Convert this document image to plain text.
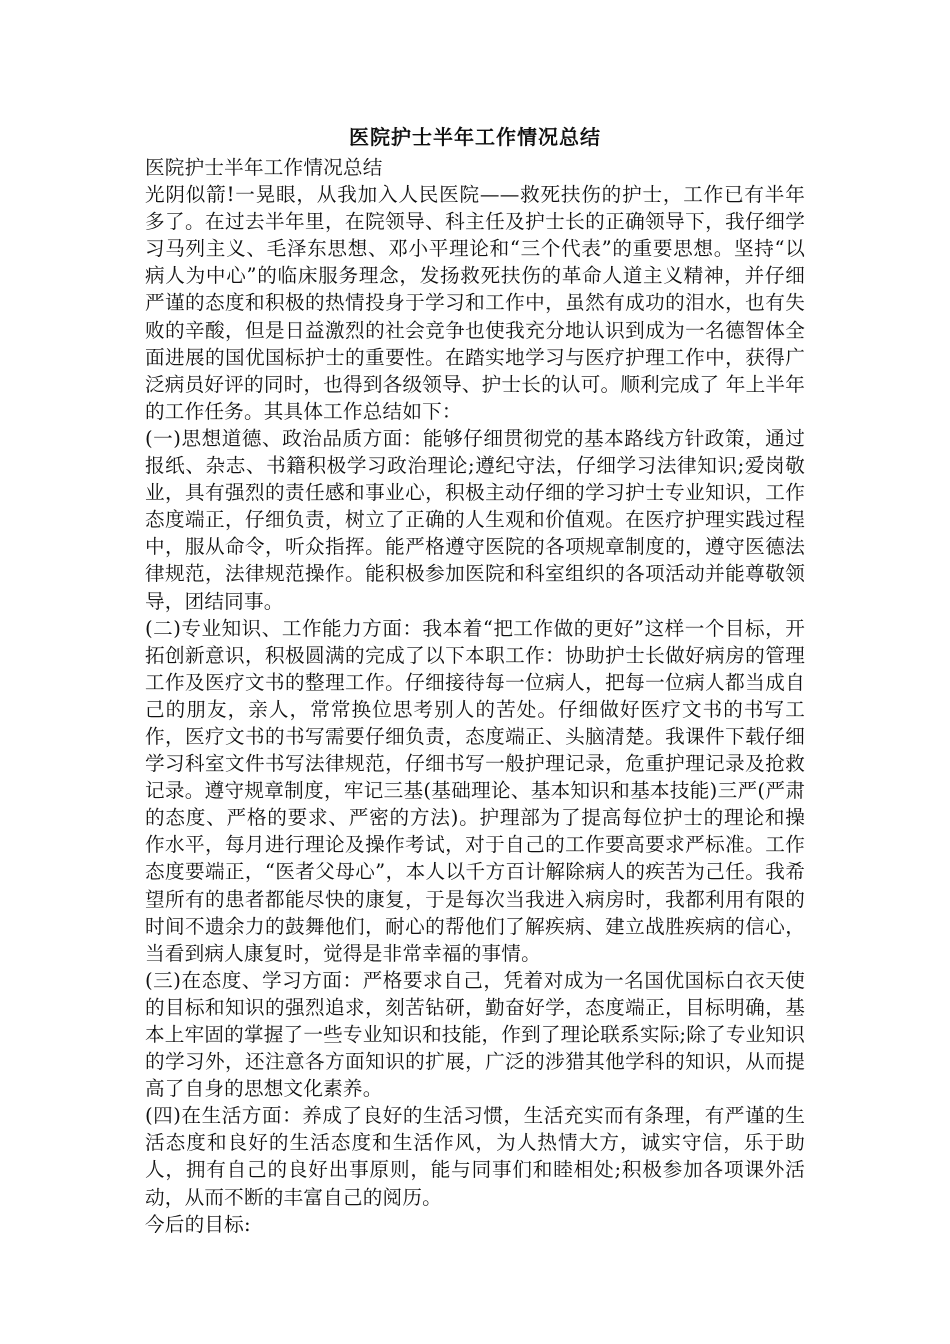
医院护士半年工作情况总结

医院护士半年工作情况总结

光阴似箭!一晃眼，从我加入人民医院——救死扶伤的护士，工作已有半年多了。在过去半年里，在院领导、科主任及护士长的正确领导下，我仔细学习马列主义、毛泽东思想、邓小平理论和“三个代表”的重要思想。坚持“以病人为中心”的临床服务理念，发扬救死扶伤的革命人道主义精神，并仔细严谨的态度和积极的热情投身于学习和工作中，虽然有成功的泪水，也有失败的辛酸，但是日益激烈的社会竞争也使我充分地认识到成为一名德智体全面进展的国优国标护士的重要性。在踏实地学习与医疗护理工作中，获得广泛病员好评的同时，也得到各级领导、护士长的认可。顺利完成了 年上半年的工作任务。其具体工作总结如下：

(一)思想道德、政治品质方面：能够仔细贯彻党的基本路线方针政策，通过报纸、杂志、书籍积极学习政治理论;遵纪守法，仔细学习法律知识;爱岗敬业，具有强烈的责任感和事业心，积极主动仔细的学习护士专业知识，工作态度端正，仔细负责，树立了正确的人生观和价值观。在医疗护理实践过程中，服从命令，听众指挥。能严格遵守医院的各项规章制度的，遵守医德法律规范，法律规范操作。能积极参加医院和科室组织的各项活动并能尊敬领导，团结同事。

(二)专业知识、工作能力方面：我本着“把工作做的更好”这样一个目标，开拓创新意识，积极圆满的完成了以下本职工作：协助护士长做好病房的管理工作及医疗文书的整理工作。仔细接待每一位病人，把每一位病人都当成自己的朋友，亲人，常常换位思考别人的苦处。仔细做好医疗文书的书写工作，医疗文书的书写需要仔细负责，态度端正、头脑清楚。我课件下载仔细学习科室文件书写法律规范，仔细书写一般护理记录，危重护理记录及抢救记录。遵守规章制度，牢记三基(基础理论、基本知识和基本技能)三严(严肃的态度、严格的要求、严密的方法)。护理部为了提高每位护士的理论和操作水平，每月进行理论及操作考试，对于自己的工作要高要求严标准。工作态度要端正，“医者父母心”，本人以千方百计解除病人的疾苦为己任。我希望所有的患者都能尽快的康复，于是每次当我进入病房时，我都利用有限的时间不遗余力的鼓舞他们，耐心的帮他们了解疾病、建立战胜疾病的信心，当看到病人康复时，觉得是非常幸福的事情。

(三)在态度、学习方面：严格要求自己，凭着对成为一名国优国标白衣天使的目标和知识的强烈追求，刻苦钻研，勤奋好学，态度端正，目标明确，基本上牢固的掌握了一些专业知识和技能，作到了理论联系实际;除了专业知识的学习外，还注意各方面知识的扩展，广泛的涉猎其他学科的知识，从而提高了自身的思想文化素养。

(四)在生活方面：养成了良好的生活习惯，生活充实而有条理，有严谨的生活态度和良好的生活态度和生活作风，为人热情大方，诚实守信，乐于助人，拥有自己的良好出事原则，能与同事们和睦相处;积极参加各项课外活动，从而不断的丰富自己的阅历。

今后的目标:
